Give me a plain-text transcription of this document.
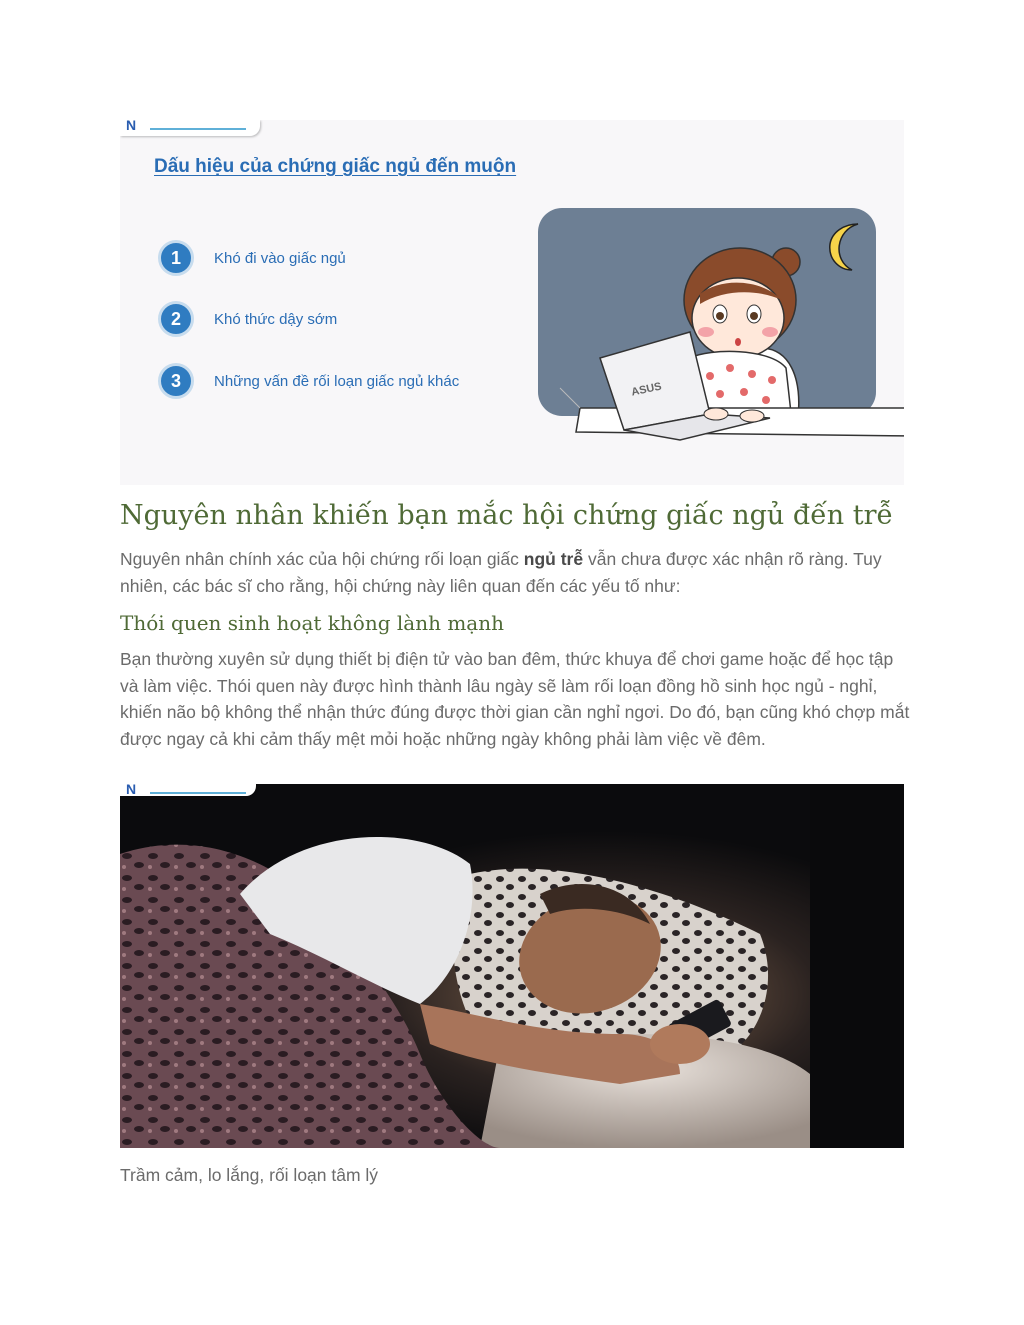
N
Dấu hiệu của chứng giấc ngủ đến muộn
1	Khó đi vào giấc ngủ
2	Khó thức dậy sớm
3	Những vấn đề rối loạn giấc ngủ khác	ASUS
Nguyên nhân khiến bạn mắc hội chứng giấc ngủ đến trễ

Nguyên nhân chính xác của hội chứng rối loạn giấc ngủ trễ vẫn chưa được xác nhận rõ ràng. Tuy nhiên, các bác sĩ cho rằng, hội chứng này liên quan đến các yếu tố như:

Thói quen sinh hoạt không lành mạnh

Bạn thường xuyên sử dụng thiết bị điện tử vào ban đêm, thức khuya để chơi game hoặc để học tập và làm việc. Thói quen này được hình thành lâu ngày sẽ làm rối loạn đồng hồ sinh học ngủ - nghỉ, khiến não bộ không thể nhận thức đúng được thời gian cần nghỉ ngơi. Do đó, bạn cũng khó chợp mắt được ngay cả khi cảm thấy mệt mỏi hoặc những ngày không phải làm việc về đêm.

N

Trầm cảm, lo lắng, rối loạn tâm lý
